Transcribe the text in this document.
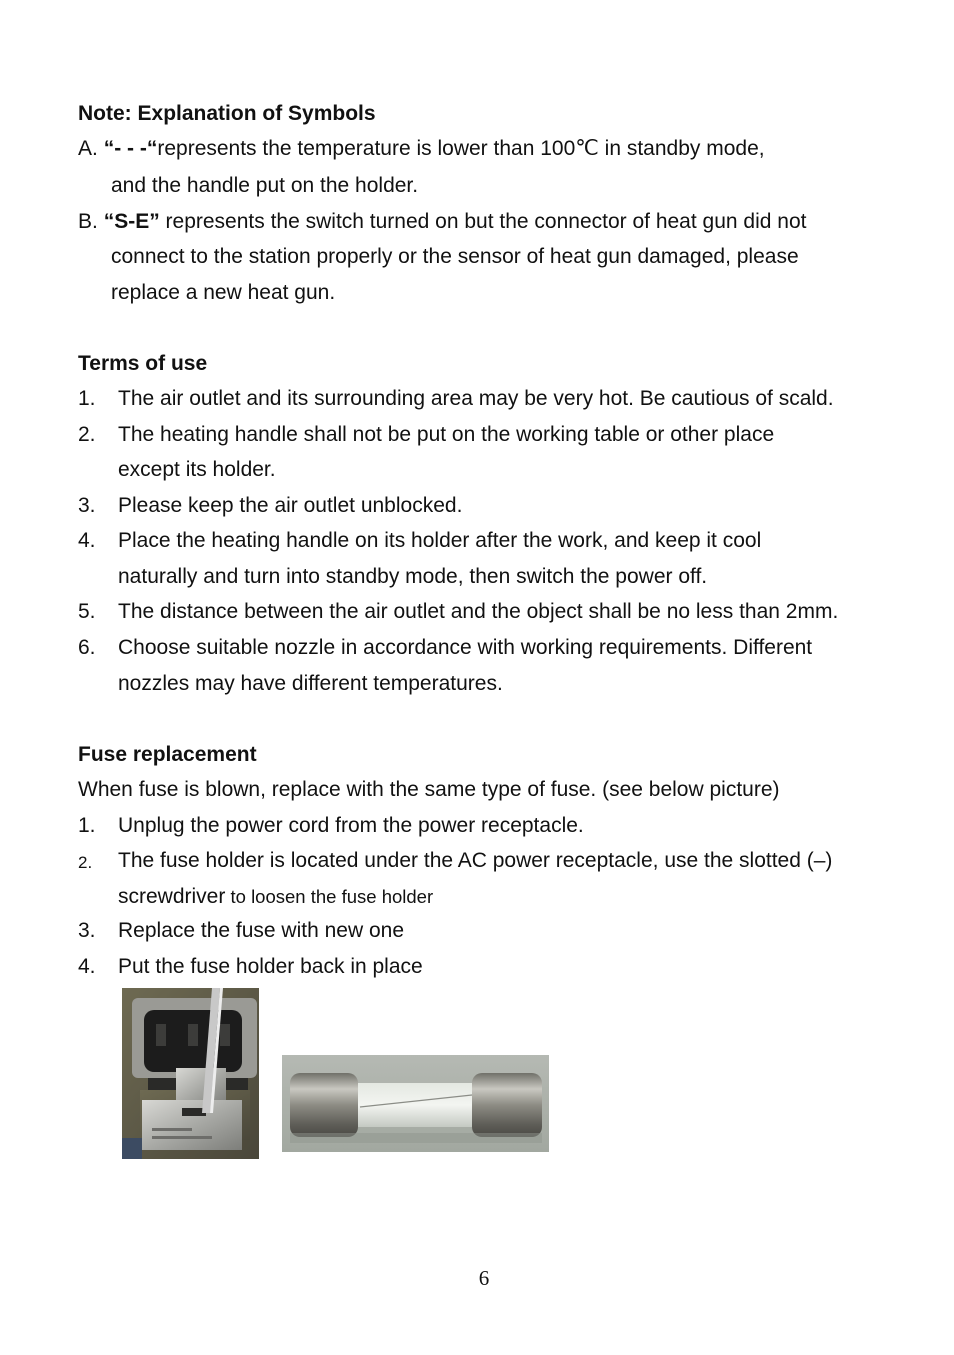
Note: Explanation of Symbols
A. “- - -“represents the temperature is lower than 100℃ in standby mode,
and the handle put on the holder.
B. “S-E” represents the switch turned on but the connector of heat gun did not
connect to the station properly or the sensor of heat gun damaged, please
replace a new heat gun.
Terms of use
1. The air outlet and its surrounding area may be very hot. Be cautious of scald.
2. The heating handle shall not be put on the working table or other place
except its holder.
3. Please keep the air outlet unblocked.
4. Place the heating handle on its holder after the work, and keep it cool
naturally and turn into standby mode, then switch the power off.
5. The distance between the air outlet and the object shall be no less than 2mm.
6. Choose suitable nozzle in accordance with working requirements. Different
nozzles may have different temperatures.
Fuse replacement
When fuse is blown, replace with the same type of fuse. (see below picture)
1. Unplug the power cord from the power receptacle.
2. The fuse holder is located under the AC power receptacle, use the slotted (–)
screwdriver to loosen the fuse holder
3. Replace the fuse with new one
4. Put the fuse holder back in place
6
